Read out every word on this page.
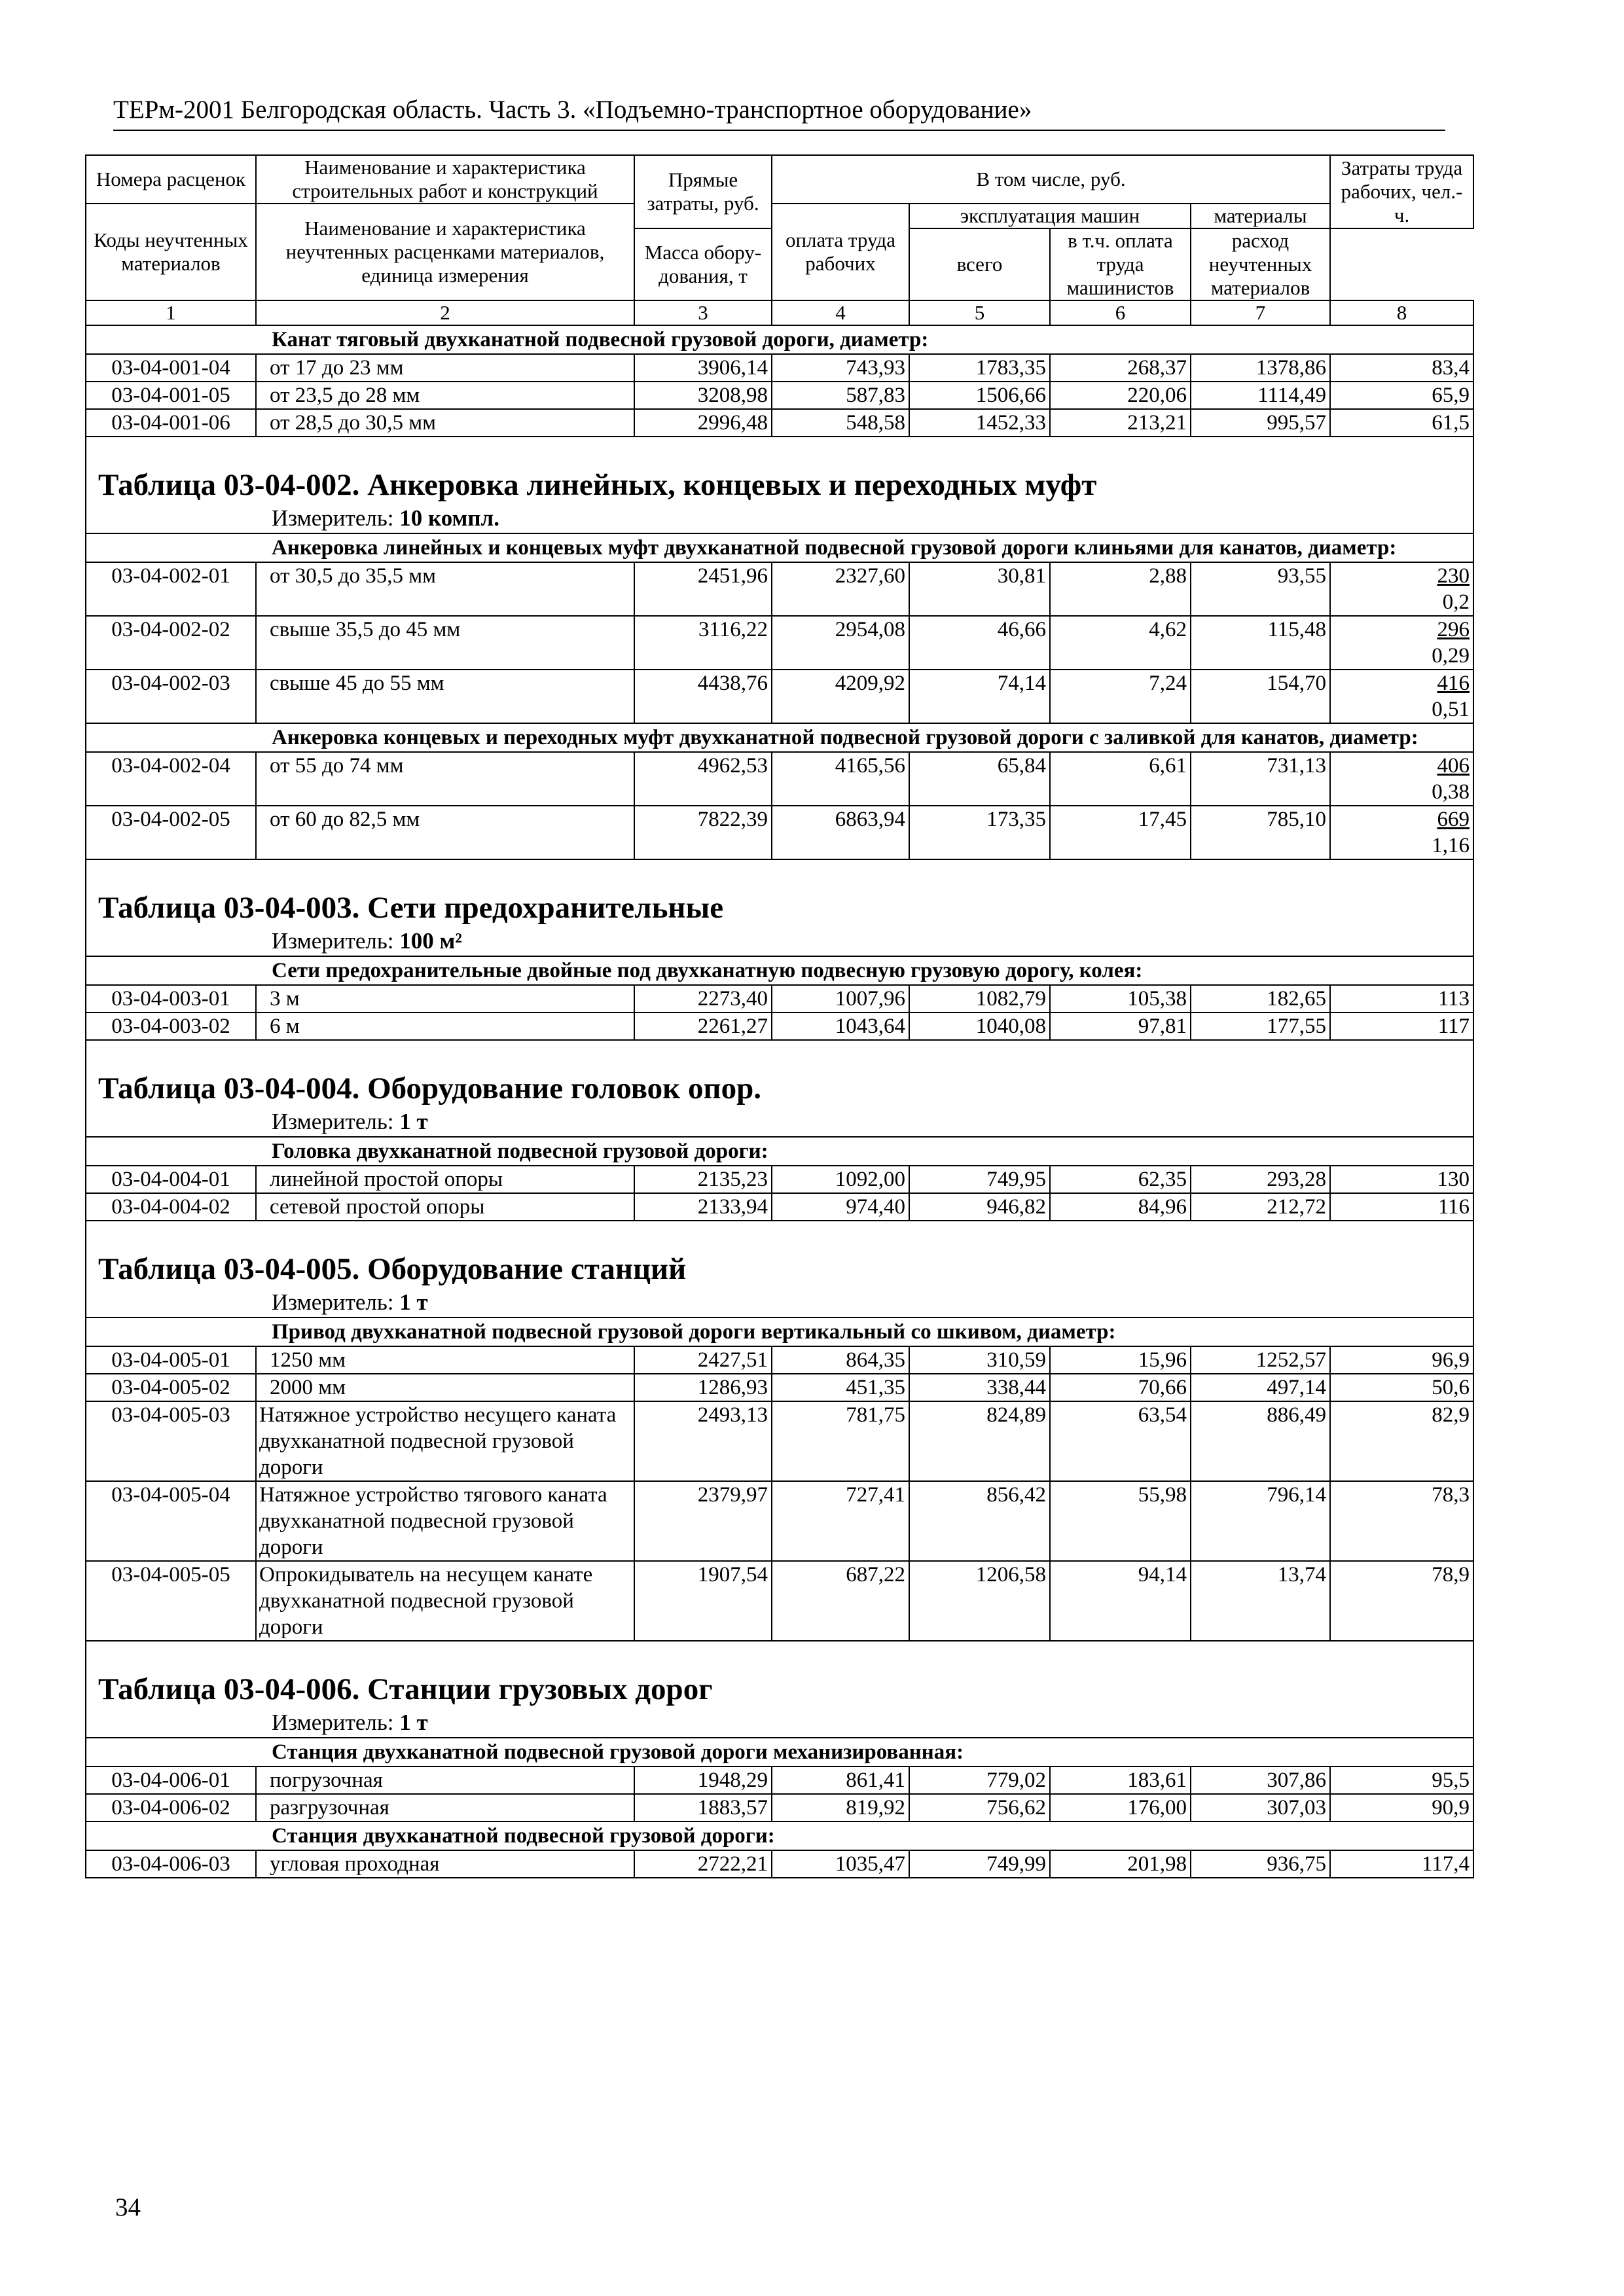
ТЕРм-2001 Белгородская область. Часть 3. «Подъемно-транспортное оборудование»
Номера расценок	Наименование и характеристика строительных работ и конструкций	Прямые затраты, руб.	В том числе, руб.				Затраты труда рабочих, чел.-ч.
Коды неучтенных материалов	Наименование и характеристика неучтенных расценками материалов, единица измерения		оплата труда рабочих	эксплуатация машин		материалы	
				всего	в т.ч. оплата труда машинистов	расход неучтенных материалов	
		Масса обору-дования, т					
1	2	3	4	5	6	7	8
Канат тяговый двухканатной подвесной грузовой дороги, диаметр:							
03-04-001-04	от 17 до 23 мм	3906,14	743,93	1783,35	268,37	1378,86	83,4

03-04-001-05	от 23,5 до 28 мм	3208,98	587,83	1506,66	220,06	1114,49	65,9

03-04-001-06	от 28,5 до 30,5 мм	2996,48	548,58	1452,33	213,21	995,57	61,5

Таблица 03-04-002. Анкеровка линейных, концевых и переходных муфт
Измеритель: 10 компл.							

Анкеровка линейных и концевых муфт двухканатной подвесной грузовой дороги клиньями для канатов, диаметр:							
03-04-002-01	от 30,5 до 35,5 мм	2451,96	2327,60	30,81	2,88	93,55	230
0,2

03-04-002-02	свыше 35,5 до 45 мм	3116,22	2954,08	46,66	4,62	115,48	296
0,29

03-04-002-03	свыше 45 до 55 мм	4438,76	4209,92	74,14	7,24	154,70	416
0,51

Анкеровка концевых и переходных муфт двухканатной подвесной грузовой дороги с заливкой для канатов, диаметр:							
03-04-002-04	от 55 до 74 мм	4962,53	4165,56	65,84	6,61	731,13	406
0,38

03-04-002-05	от 60 до 82,5 мм	7822,39	6863,94	173,35	17,45	785,10	669
1,16

Таблица 03-04-003. Сети предохранительные
Измеритель: 100 м²							

Сети предохранительные двойные под двухканатную подвесную грузовую дорогу, колея:							
03-04-003-01	3 м	2273,40	1007,96	1082,79	105,38	182,65	113

03-04-003-02	6 м	2261,27	1043,64	1040,08	97,81	177,55	117

Таблица 03-04-004. Оборудование головок опор.
Измеритель: 1 т							

Головка двухканатной подвесной грузовой дороги:							
03-04-004-01	линейной простой опоры	2135,23	1092,00	749,95	62,35	293,28	130

03-04-004-02	сетевой простой опоры	2133,94	974,40	946,82	84,96	212,72	116

Таблица 03-04-005. Оборудование станций
Измеритель: 1 т							

Привод двухканатной подвесной грузовой дороги вертикальный со шкивом, диаметр:							
03-04-005-01	1250 мм	2427,51	864,35	310,59	15,96	1252,57	96,9

03-04-005-02	2000 мм	1286,93	451,35	338,44	70,66	497,14	50,6

03-04-005-03	Натяжное устройство несущего каната двухканатной подвесной грузовой дороги	2493,13	781,75	824,89	63,54	886,49	82,9

03-04-005-04	Натяжное устройство тягового каната двухканатной подвесной грузовой дороги	2379,97	727,41	856,42	55,98	796,14	78,3

03-04-005-05	Опрокидыватель на несущем канате двухканатной подвесной грузовой дороги	1907,54	687,22	1206,58	94,14	13,74	78,9

Таблица 03-04-006. Станции грузовых дорог
Измеритель: 1 т							

Станция двухканатной подвесной грузовой дороги механизированная:							
03-04-006-01	погрузочная	1948,29	861,41	779,02	183,61	307,86	95,5

03-04-006-02	разгрузочная	1883,57	819,92	756,62	176,00	307,03	90,9

Станция двухканатной подвесной грузовой дороги:							
03-04-006-03	угловая проходная	2722,21	1035,47	749,99	201,98	936,75	117,4
34
